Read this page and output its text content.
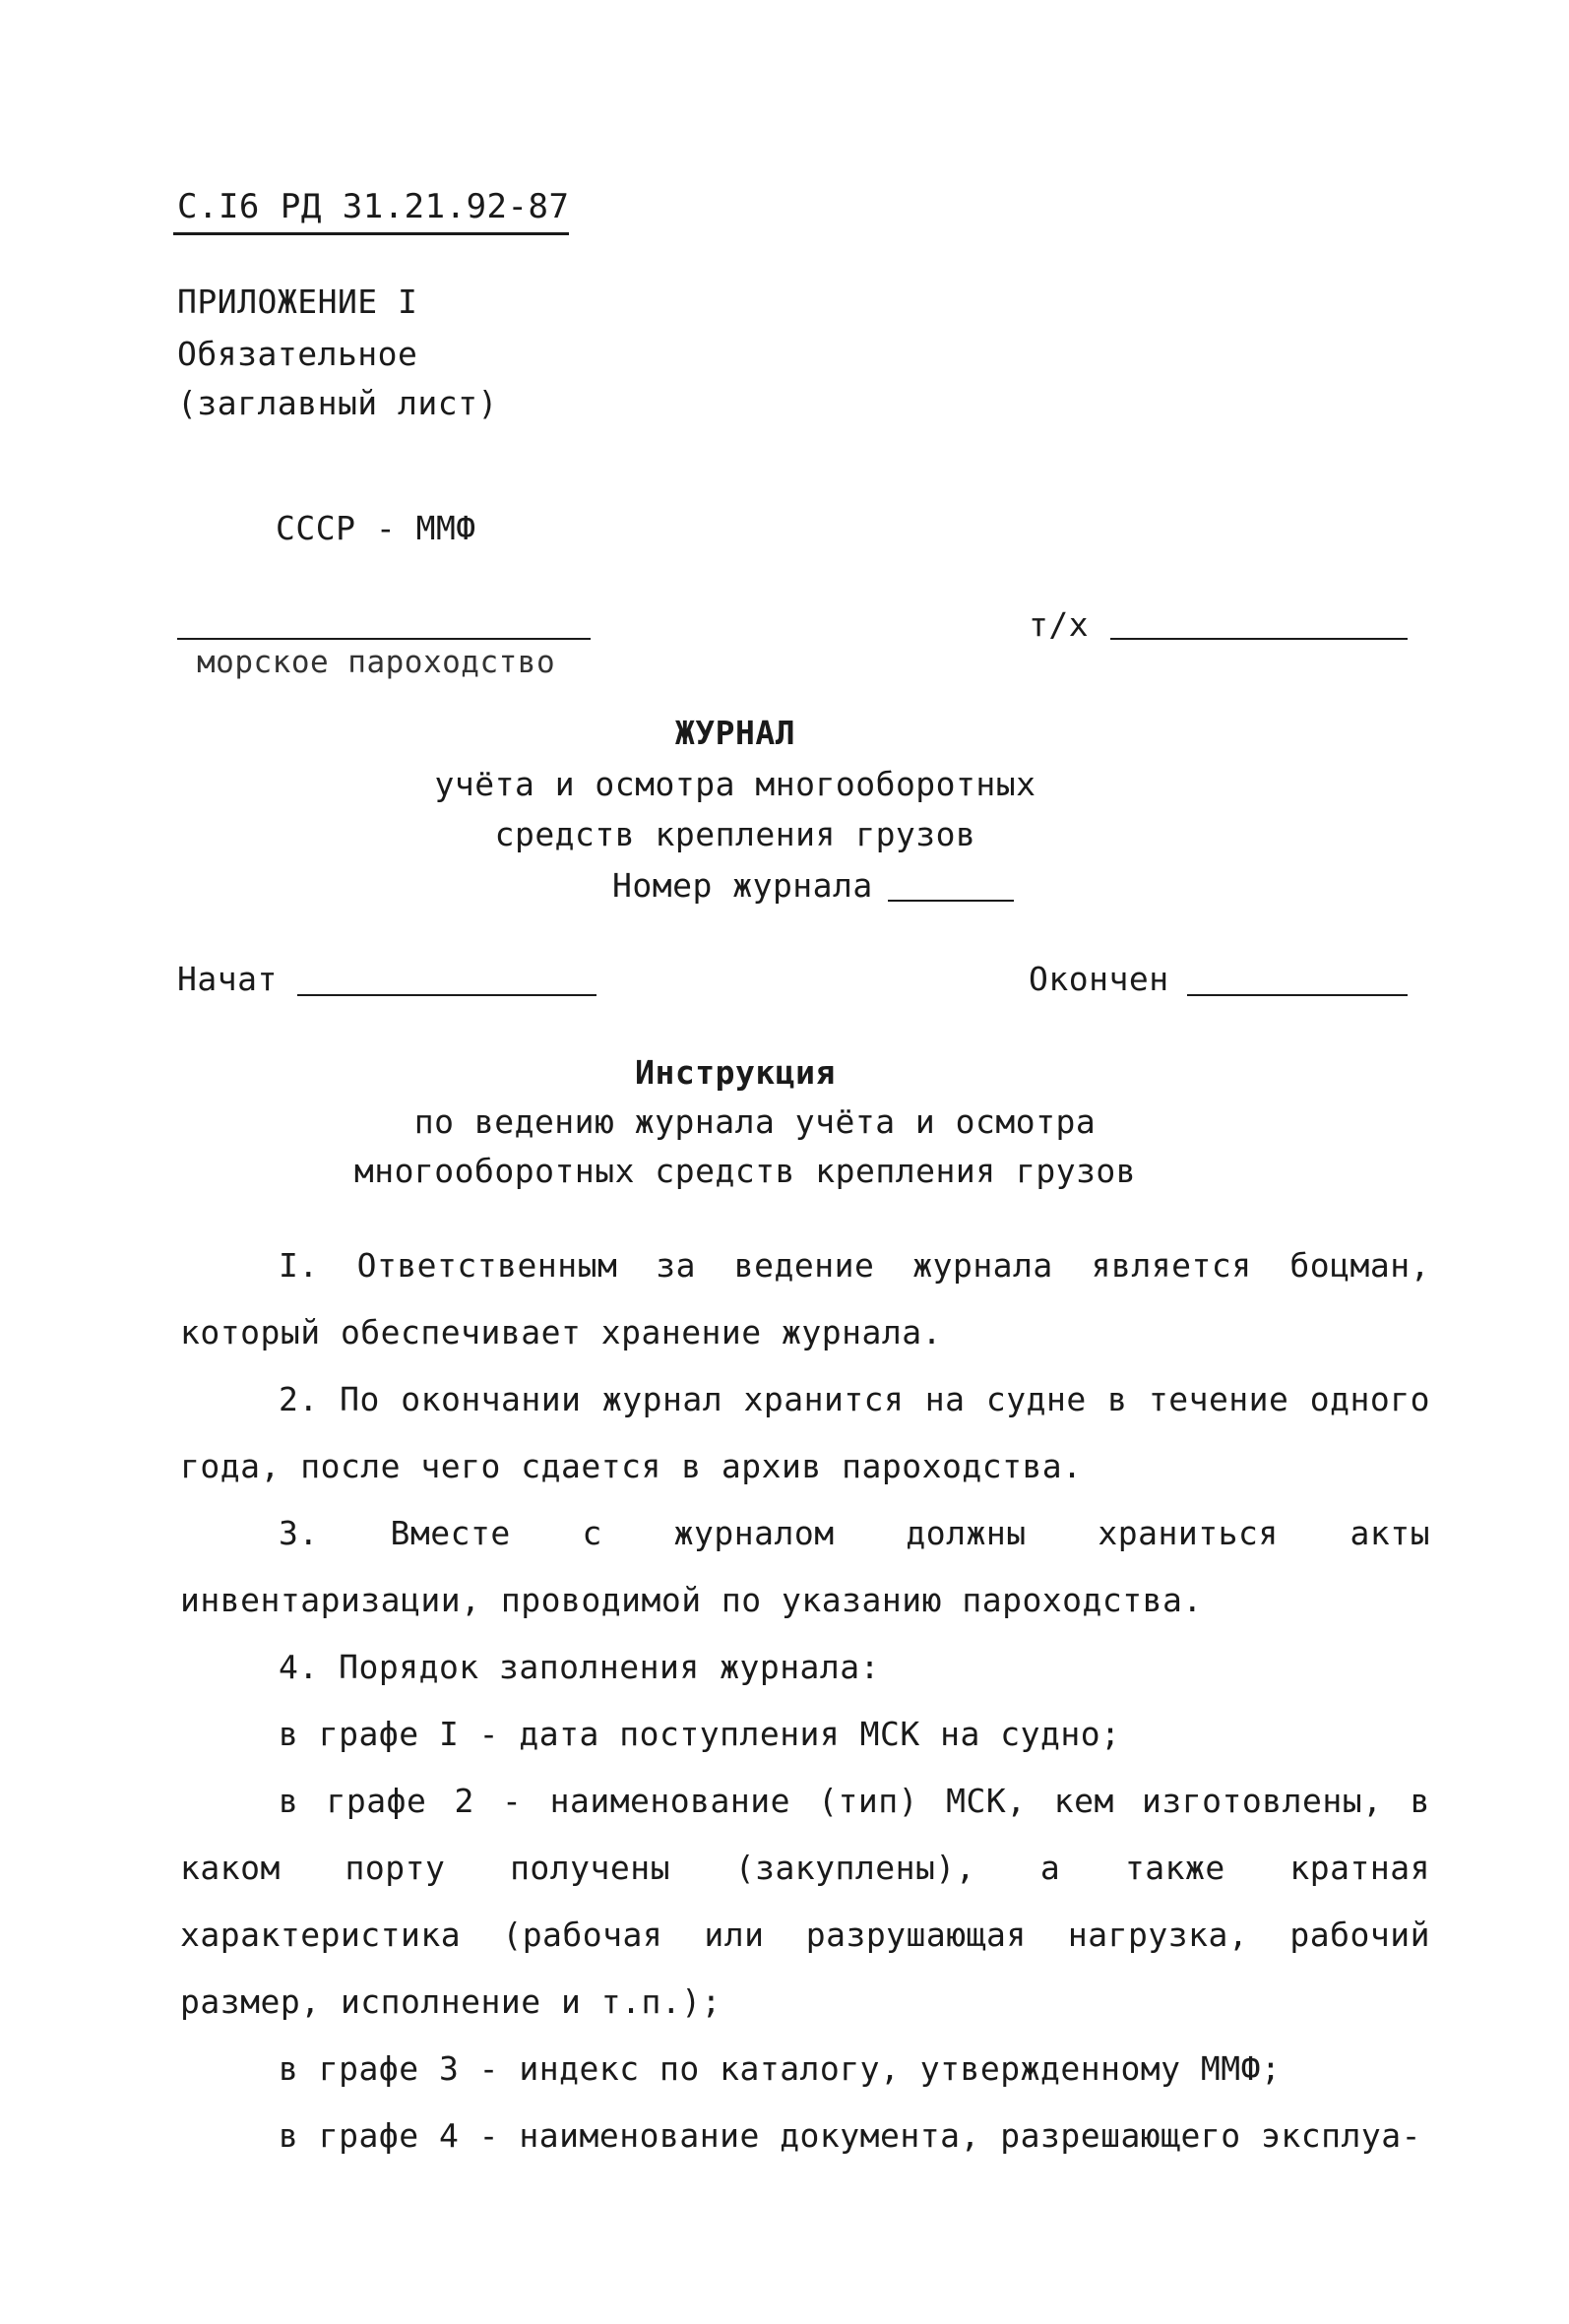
С.I6 РД 31.21.92-87
ПРИЛОЖЕНИЕ I
Обязательное
(заглавный лист)
СССР - ММФ
морское пароходство
т/х
ЖУРНАЛ
учёта и осмотра многооборотных
средств крепления грузов
Номер журнала
Начат	Окончен
Инструкция
по ведению журнала учёта и осмотра
многооборотных средств крепления грузов

I. Ответственным за ведение журнала является боцман, который обеспечивает хранение журнала.

2. По окончании журнал хранится на судне в течение одного года, после чего сдается в архив пароходства.

3. Вместе с журналом должны храниться акты инвентаризации, проводимой по указанию пароходства.

4. Порядок заполнения журнала:

в графе I - дата поступления МСК на судно;

в графе 2 - наименование (тип) МСК, кем изготовлены, в каком порту получены (закуплены), а также кратная характеристика (рабочая или разрушающая нагрузка, рабочий размер, исполнение и т.п.);

в графе 3 - индекс по каталогу, утвержденному ММФ;

в графе 4 - наименование документа, разрешающего эксплуа-
